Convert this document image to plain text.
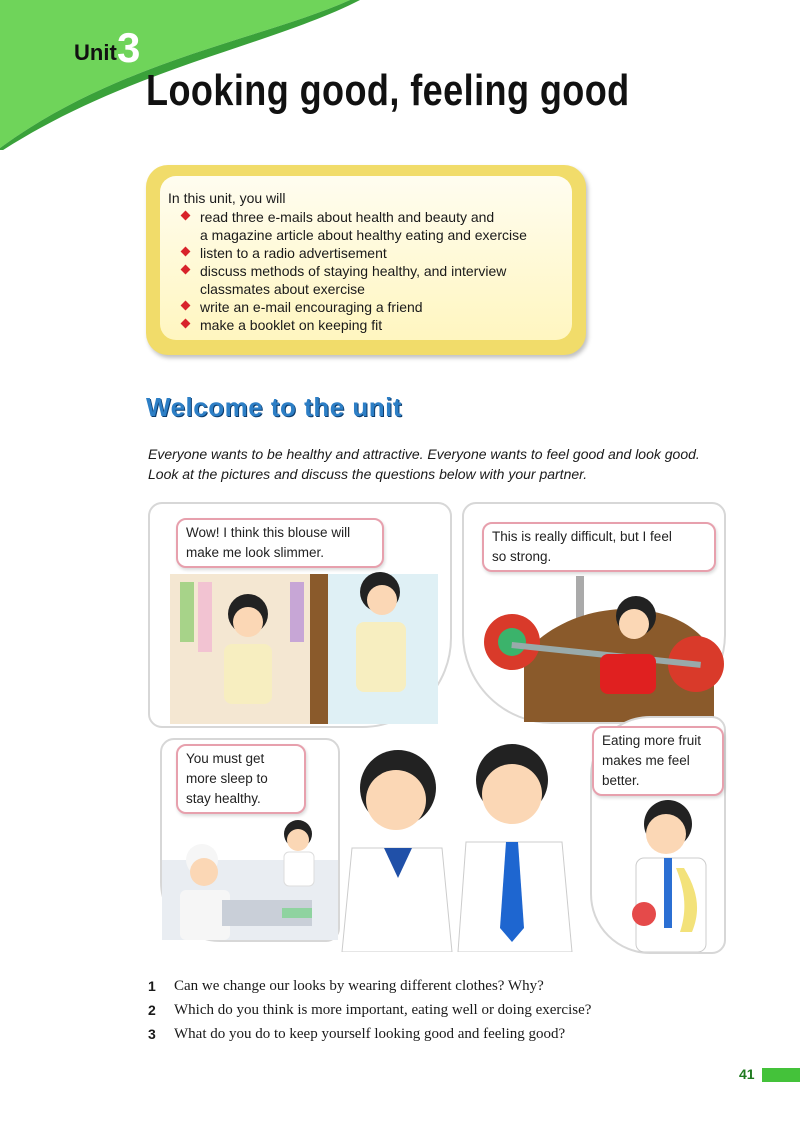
Unit 3
Looking good, feeling good
In this unit, you will
read three e-mails about health and beauty and
a magazine article about healthy eating and exercise
listen to a radio advertisement
discuss methods of staying healthy, and interview
classmates about exercise
write an e-mail encouraging a friend
make a booklet on keeping fit
Welcome to the unit
Everyone wants to be healthy and attractive. Everyone wants to feel good and look good.
Look at the pictures and discuss the questions below with your partner.
Wow! I think this blouse will
make me look slimmer.
This is really difficult, but I feel
so strong.
You must get
more sleep to
stay healthy.
Eating more fruit
makes me feel
better.
1	Can we change our looks by wearing different clothes? Why?
2	Which do you think is more important, eating well or doing exercise?
3	What do you do to keep yourself looking good and feeling good?
41
